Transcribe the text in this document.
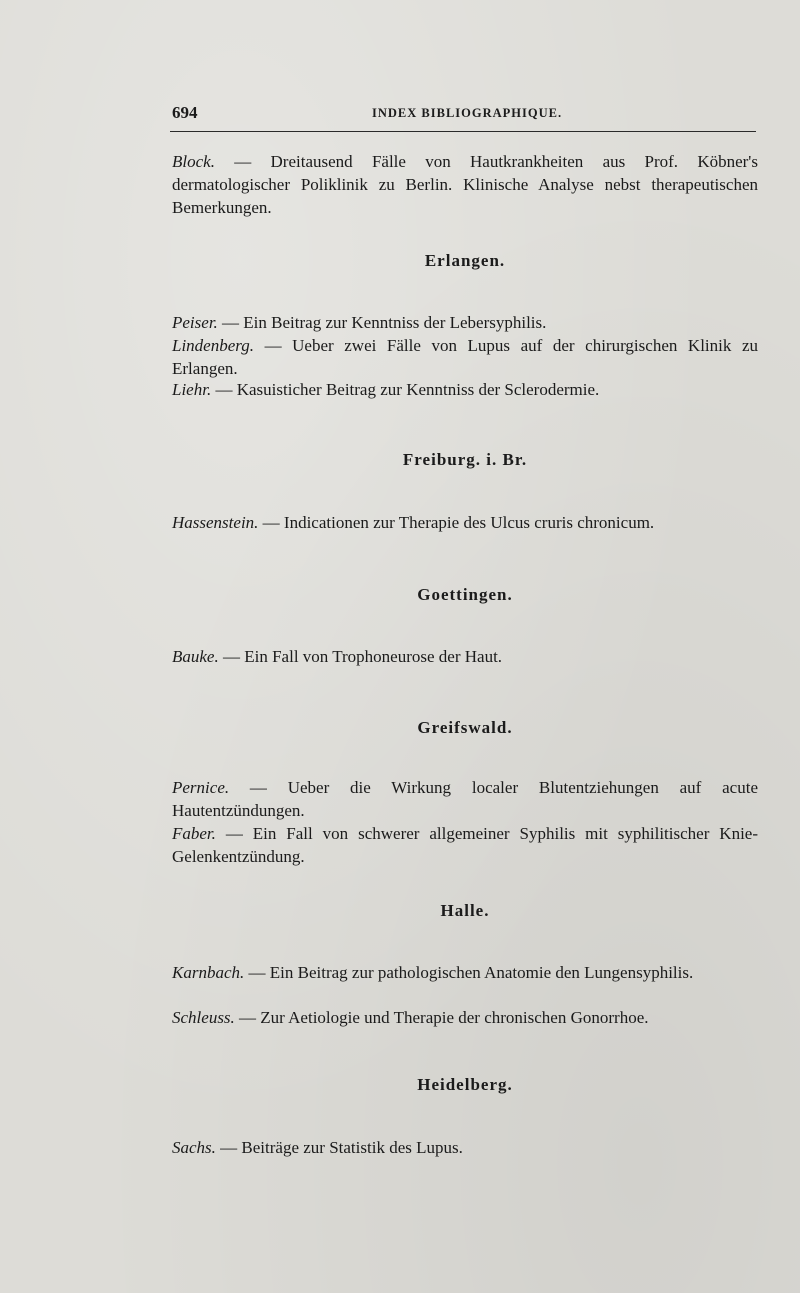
694	INDEX BIBLIOGRAPHIQUE.
Block. — Dreitausend Fälle von Hautkrankheiten aus Prof. Köbner's dermatologischer Poliklinik zu Berlin. Klinische Analyse nebst therapeutischen Bemerkungen.
Erlangen.
Peiser. — Ein Beitrag zur Kenntniss der Lebersyphilis.
Lindenberg. — Ueber zwei Fälle von Lupus auf der chirurgischen Klinik zu Erlangen.
Liehr. — Kasuisticher Beitrag zur Kenntniss der Sclerodermie.
Freiburg. i. Br.
Hassenstein. — Indicationen zur Therapie des Ulcus cruris chronicum.
Goettingen.
Bauke. — Ein Fall von Trophoneurose der Haut.
Greifswald.
Pernice. — Ueber die Wirkung localer Blutentziehungen auf acute Hautentzündungen.
Faber. — Ein Fall von schwerer allgemeiner Syphilis mit syphilitischer Knie-Gelenkentzündung.
Halle.
Karnbach. — Ein Beitrag zur pathologischen Anatomie den Lungensyphilis.
Schleuss. — Zur Aetiologie und Therapie der chronischen Gonorrhoe.
Heidelberg.
Sachs. — Beiträge zur Statistik des Lupus.
